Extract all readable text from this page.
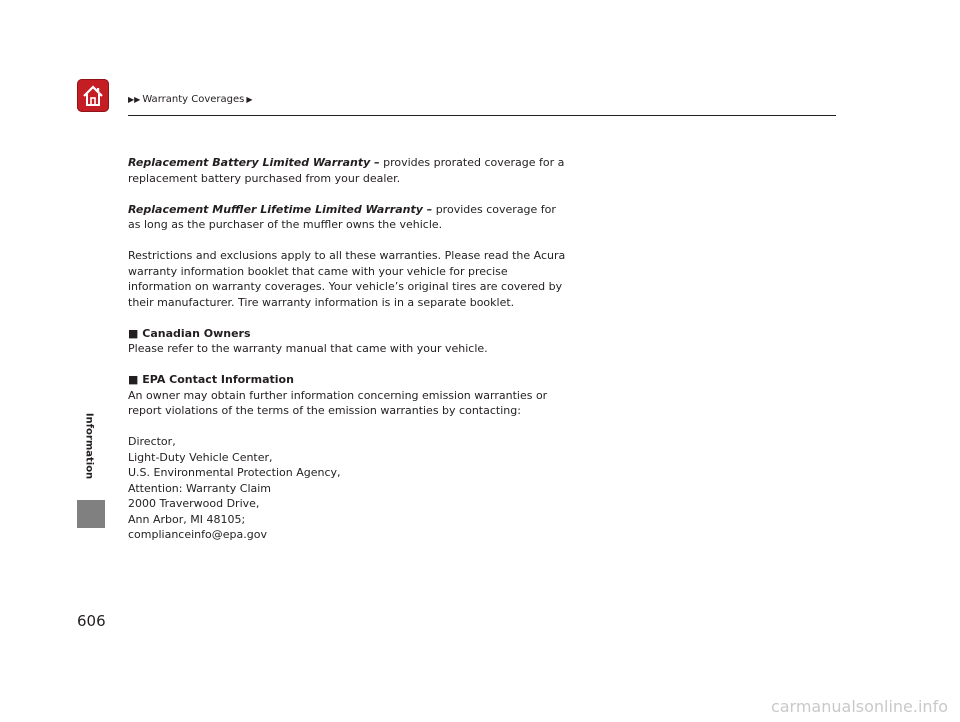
▶▶ Warranty Coverages ▶
Information

Replacement Battery Limited Warranty – provides prorated coverage for a replacement battery purchased from your dealer.

Replacement Muffler Lifetime Limited Warranty – provides coverage for as long as the purchaser of the muffler owns the vehicle.

Restrictions and exclusions apply to all these warranties. Please read the Acura warranty information booklet that came with your vehicle for precise information on warranty coverages. Your vehicle’s original tires are covered by their manufacturer. Tire warranty information is in a separate booklet.

■ Canadian Owners

Please refer to the warranty manual that came with your vehicle.

■ EPA Contact Information

An owner may obtain further information concerning emission warranties or report violations of the terms of the emission warranties by contacting:

Director,
Light-Duty Vehicle Center,
U.S. Environmental Protection Agency,
Attention: Warranty Claim
2000 Traverwood Drive,
Ann Arbor, MI 48105;
complianceinfo@epa.gov
606
carmanualsonline.info
